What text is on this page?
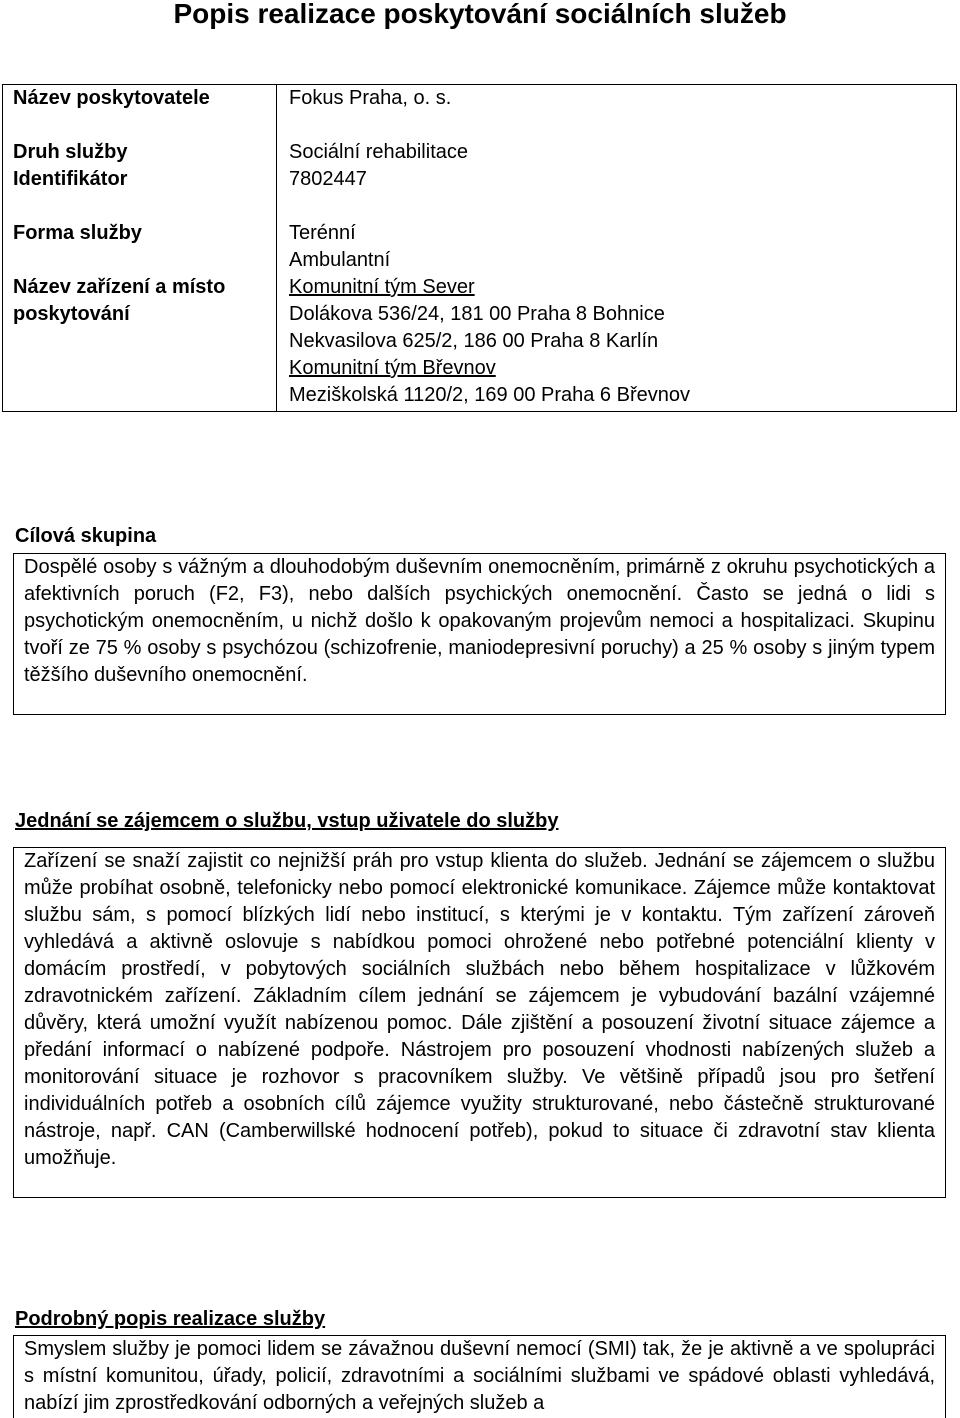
Popis realizace poskytování sociálních služeb
Název poskytovatele
Druh služby
Identifikátor
Forma služby
Název zařízení a místo poskytování
Fokus Praha, o. s.
Sociální rehabilitace
7802447
Terénní
Ambulantní
Komunitní tým Sever
Dolákova 536/24, 181 00 Praha 8 Bohnice
Nekvasilova 625/2, 186 00 Praha 8 Karlín
Komunitní tým Břevnov
Meziškolská 1120/2, 169 00 Praha 6 Břevnov
Cílová skupina
Dospělé osoby s vážným a dlouhodobým duševním onemocněním, primárně z okruhu psychotických a afektivních poruch (F2, F3), nebo dalších psychických onemocnění. Často se jedná o lidi s psychotickým onemocněním, u nichž došlo k opakovaným projevům nemoci a hospitalizaci. Skupinu tvoří ze 75 % osoby s psychózou (schizofrenie, maniodepresivní poruchy) a 25 % osoby s jiným typem těžšího duševního onemocnění.
Jednání se zájemcem o službu, vstup uživatele do služby
Zařízení se snaží zajistit co nejnižší práh pro vstup klienta do služeb. Jednání se zájemcem o službu může probíhat osobně, telefonicky nebo pomocí elektronické komunikace. Zájemce může kontaktovat službu sám, s pomocí blízkých lidí nebo institucí, s kterými je v kontaktu. Tým zařízení zároveň vyhledává a aktivně oslovuje s nabídkou pomoci ohrožené nebo potřebné potenciální klienty v domácím prostředí, v pobytových sociálních službách nebo během hospitalizace v lůžkovém zdravotnickém zařízení. Základním cílem jednání se zájemcem je vybudování bazální vzájemné důvěry, která umožní využít nabízenou pomoc. Dále zjištění a posouzení životní situace zájemce a předání informací o nabízené podpoře. Nástrojem pro posouzení vhodnosti nabízených služeb a monitorování situace je rozhovor s pracovníkem služby. Ve většině případů jsou pro šetření individuálních potřeb a osobních cílů zájemce využity strukturované, nebo částečně strukturované nástroje, např. CAN (Camberwillské hodnocení potřeb), pokud to situace či zdravotní stav klienta umožňuje.
Podrobný popis realizace služby
Smyslem služby je pomoci lidem se závažnou duševní nemocí (SMI) tak, že je aktivně a ve spolupráci s místní komunitou, úřady, policií, zdravotními a sociálními službami ve spádové oblasti vyhledává, nabízí jim zprostředkování odborných a veřejných služeb a
